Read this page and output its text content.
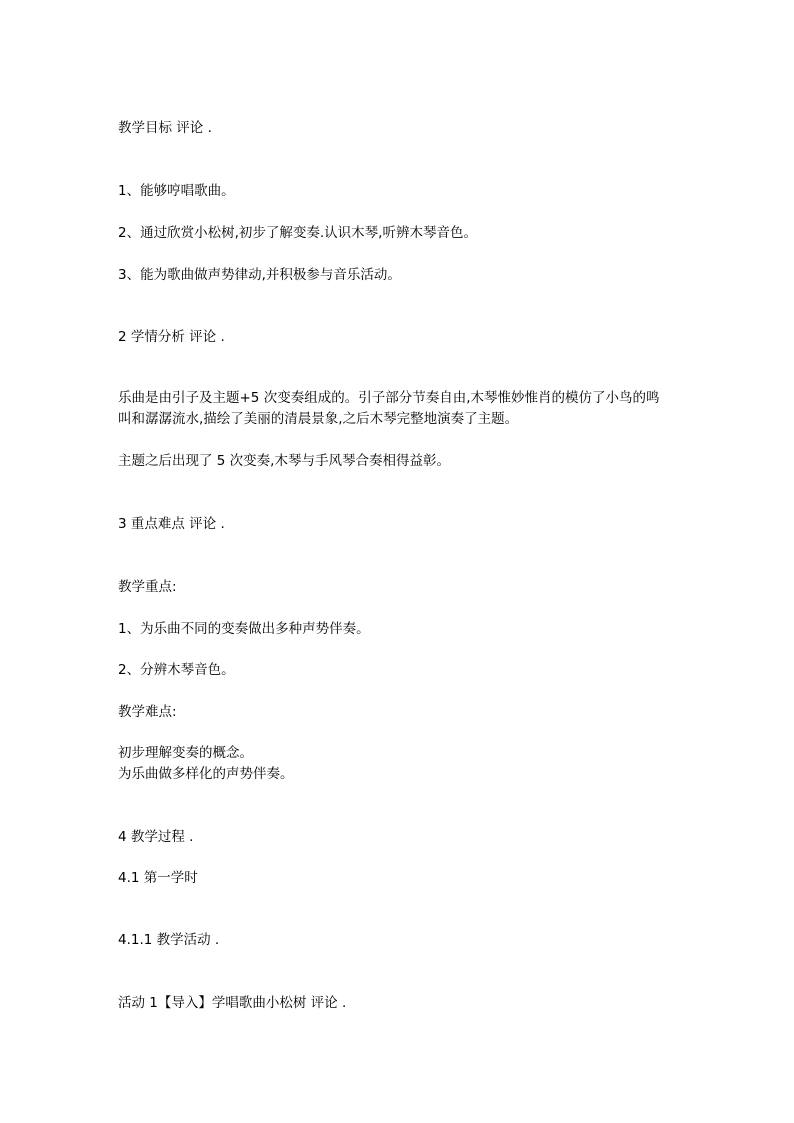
教学目标 评论 .
1、能够哼唱歌曲。
2、通过欣赏小松树,初步了解变奏.认识木琴,听辨木琴音色。
3、能为歌曲做声势律动,并积极参与音乐活动。
2 学情分析 评论 .
乐曲是由引子及主题+5 次变奏组成的。引子部分节奏自由,木琴惟妙惟肖的模仿了小鸟的鸣
叫和潺潺流水,描绘了美丽的清晨景象,之后木琴完整地演奏了主题。
主题之后出现了 5 次变奏,木琴与手风琴合奏相得益彰。
3 重点难点 评论 .
教学重点:
1、为乐曲不同的变奏做出多种声势伴奏。
2、分辨木琴音色。
教学难点:
初步理解变奏的概念。
为乐曲做多样化的声势伴奏。
4 教学过程 .
4.1 第一学时
4.1.1 教学活动 .
活动 1【导入】学唱歌曲小松树 评论 .
